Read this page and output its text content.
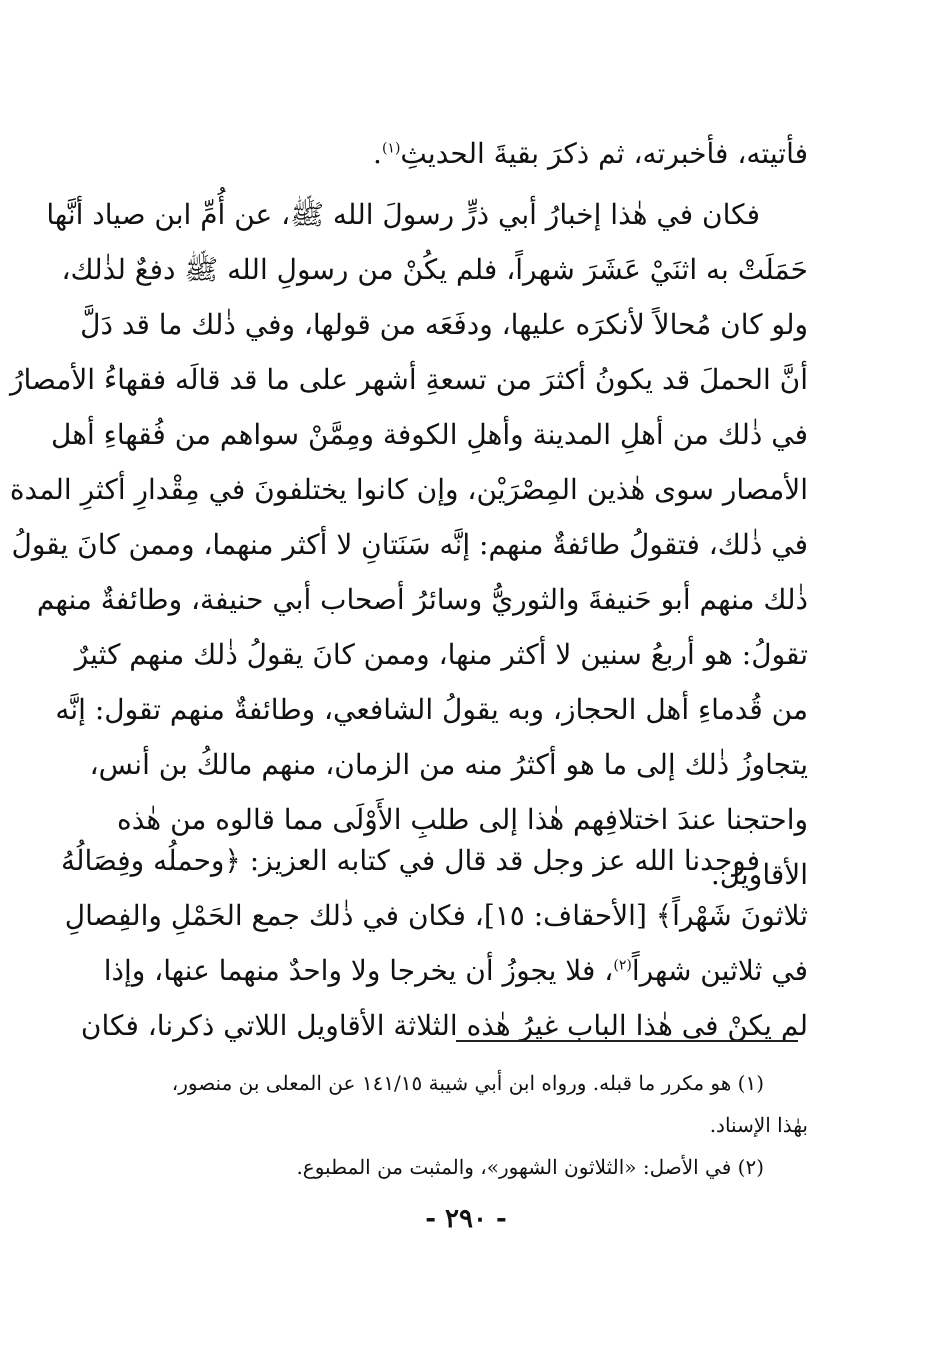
فأتيته، فأخبرته، ثم ذكرَ بقيةَ الحديثِ$^{(١)}$.
فكان في هٰذا إخبارُ أبي ذرٍّ رسولَ الله ﷺ، عن أُمِّ ابن صياد أنَّها
حَمَلَتْ به اثنَيْ عَشَرَ شهراً، فلم يكُنْ من رسولِ الله ﷺ دفعٌ لذٰلك،
ولو كان مُحالاً لأنكرَه عليها، ودفَعَه من قولها، وفي ذٰلك ما قد دَلَّ
أنَّ الحملَ قد يكونُ أكثرَ من تسعةِ أشهر على ما قد قالَه فقهاءُ الأمصارُ
في ذٰلك من أهلِ المدينة وأهلِ الكوفة ومِمَّنْ سواهم من فُقهاءِ أهل
الأمصار سوى هٰذين المِصْرَيْن، وإن كانوا يختلفونَ في مِقْدارِ أكثرِ المدة
في ذٰلك، فتقولُ طائفةٌ منهم: إنَّه سَنَتانِ لا أكثر منهما، وممن كانَ يقولُ
ذٰلك منهم أبو حَنيفةَ والثوريُّ وسائرُ أصحاب أبي حنيفة، وطائفةٌ منهم
تقولُ: هو أربعُ سنين لا أكثر منها، وممن كانَ يقولُ ذٰلك منهم كثيرٌ
من قُدماءِ أهل الحجاز، وبه يقولُ الشافعي، وطائفةٌ منهم تقول: إنَّه
يتجاوزُ ذٰلك إلى ما هو أكثرُ منه من الزمان، منهم مالكُ بن أنس،
واحتجنا عندَ اختلافِهم هٰذا إلى طلبِ الأَوْلَى مما قالوه من هٰذه
الأقاويل.
فوجدنا الله عز وجل قد قال في كتابه العزيز: ﴿وحملُه وفِصَالُهُ
ثلاثونَ شَهْراً﴾ [الأحقاف: ١٥]، فكان في ذٰلك جمع الحَمْلِ والفِصالِ
في ثلاثين شهراً$^{(٢)}$، فلا يجوزُ أن يخرجا ولا واحدٌ منهما عنها، وإذا
لم يكنْ في هٰذا الباب غيرُ هٰذه الثلاثة الأقاويل اللاتي ذكرنا، فكان
(١) هو مكرر ما قبله. ورواه ابن أبي شيبة ١٤١/١٥ عن المعلى بن منصور،
بهٰذا الإسناد.
(٢) في الأصل: «الثلاثون الشهور»، والمثبت من المطبوع.
- ٢٩٠ -
